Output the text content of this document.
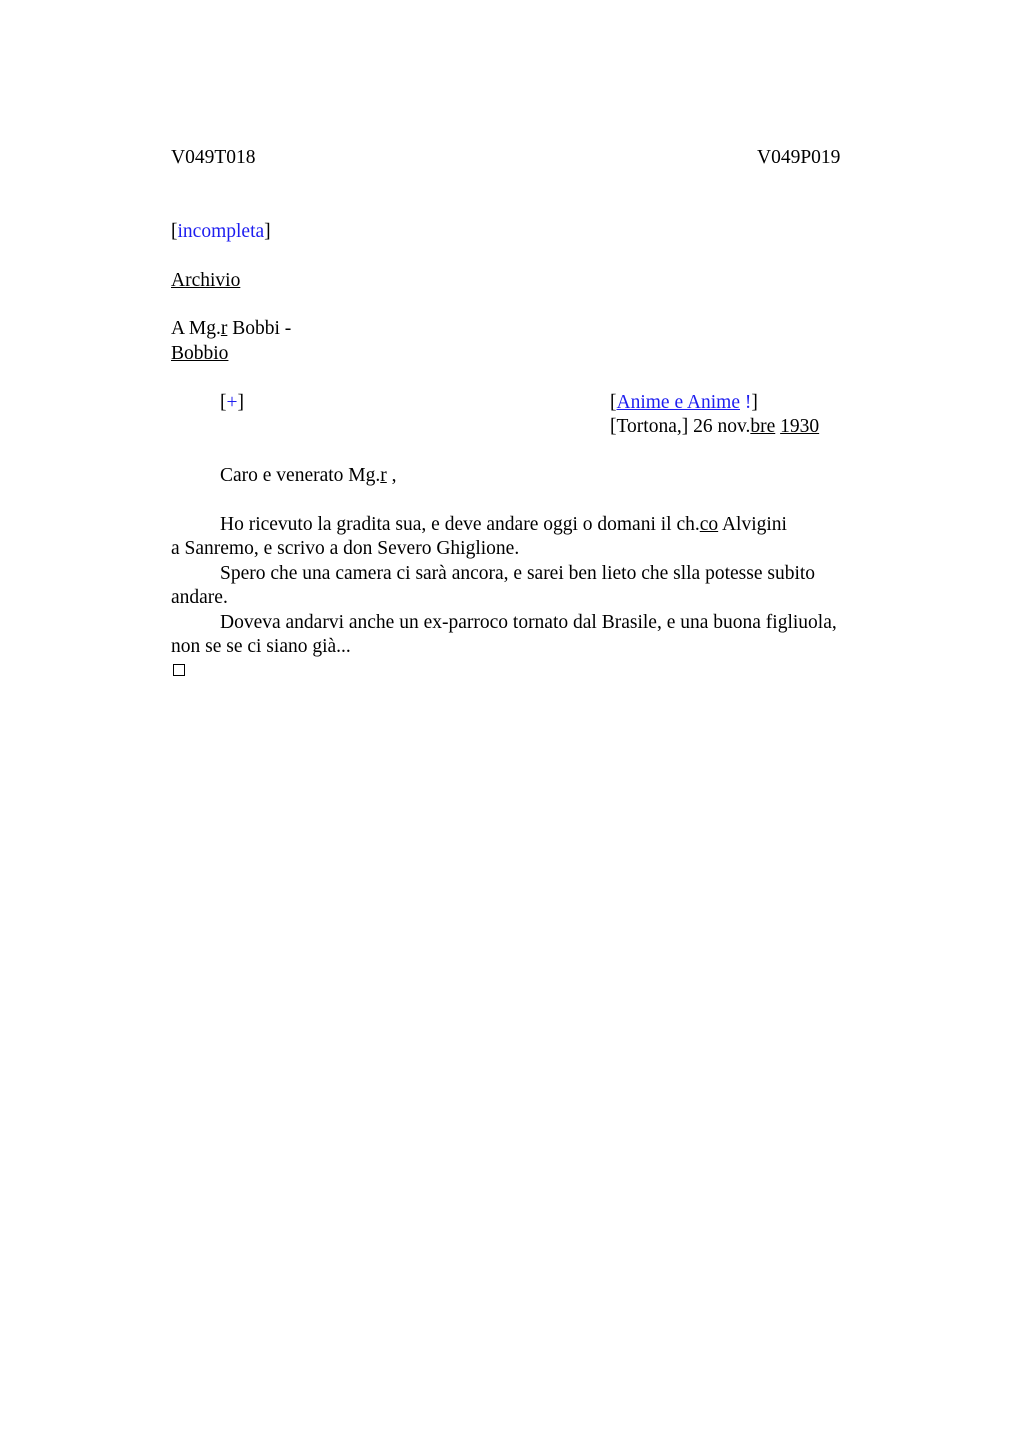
V049T018	V049P019
[incompleta]
Archivio
A Mg.r Bobbi -
Bobbio
[+]	[Anime e Anime !]
[Tortona,] 26 nov.bre 1930
Caro e venerato Mg.r ,
Ho ricevuto la gradita sua, e deve andare oggi o domani il ch.co Alvigini
a Sanremo, e scrivo a don Severo Ghiglione.
Spero che una camera ci sarà ancora, e sarei ben lieto che slla potesse subito
andare.
Doveva andarvi anche un ex-parroco tornato dal Brasile, e una buona figliuola,
non se se ci siano già...
